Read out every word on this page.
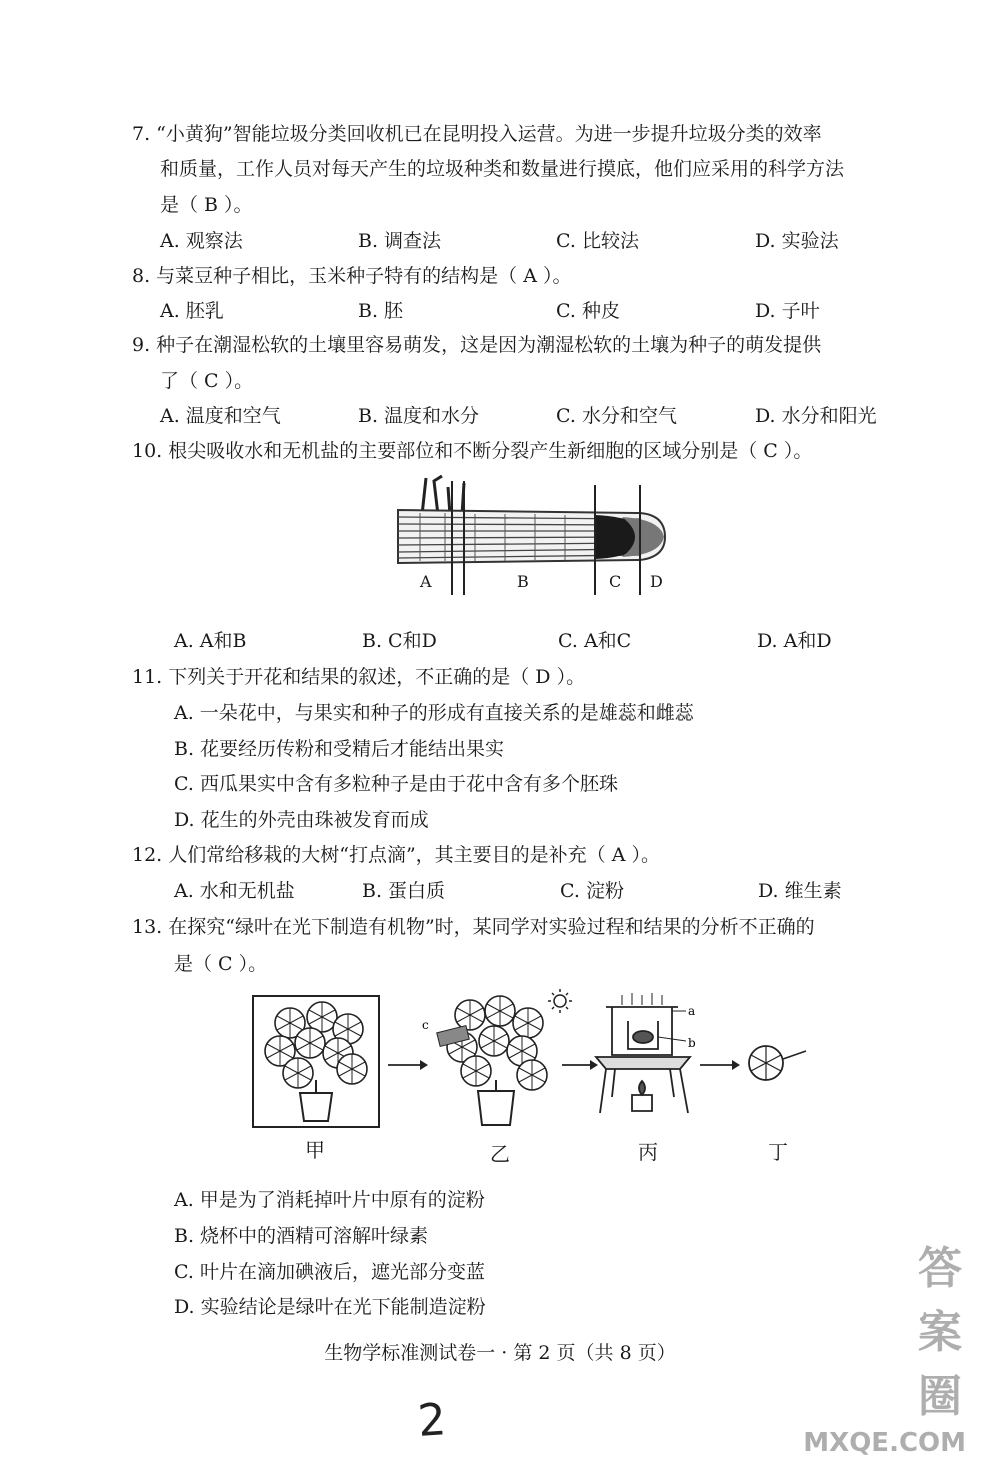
7. “小黄狗”智能垃圾分类回收机已在昆明投入运营。为进一步提升垃圾分类的效率
和质量，工作人员对每天产生的垃圾种类和数量进行摸底，他们应采用的科学方法
是（ B ）。
A. 观察法	B. 调查法	C. 比较法	D. 实验法
8. 与菜豆种子相比，玉米种子特有的结构是（ A ）。
A. 胚乳	B. 胚	C. 种皮	D. 子叶
9. 种子在潮湿松软的土壤里容易萌发，这是因为潮湿松软的土壤为种子的萌发提供
了（ C ）。
A. 温度和空气	B. 温度和水分	C. 水分和空气	D. 水分和阳光
10. 根尖吸收水和无机盐的主要部位和不断分裂产生新细胞的区域分别是（ C ）。
A	B	C D
A. A和B	B. C和D	C. A和C	D. A和D
11. 下列关于开花和结果的叙述，不正确的是（ D ）。
A. 一朵花中，与果实和种子的形成有直接关系的是雄蕊和雌蕊
B. 花要经历传粉和受精后才能结出果实
C. 西瓜果实中含有多粒种子是由于花中含有多个胚珠
D. 花生的外壳由珠被发育而成
12. 人们常给移栽的大树“打点滴”，其主要目的是补充（ A ）。
A. 水和无机盐	B. 蛋白质	C. 淀粉	D. 维生素
13. 在探究“绿叶在光下制造有机物”时，某同学对实验过程和结果的分析不正确的
是（ C ）。
c
a
b
甲	乙	丙	丁
A. 甲是为了消耗掉叶片中原有的淀粉
B. 烧杯中的酒精可溶解叶绿素
C. 叶片在滴加碘液后，遮光部分变蓝
D. 实验结论是绿叶在光下能制造淀粉
生物学标准测试卷一 · 第 2 页（共 8 页）
2
答案圈
MXQE.COM
